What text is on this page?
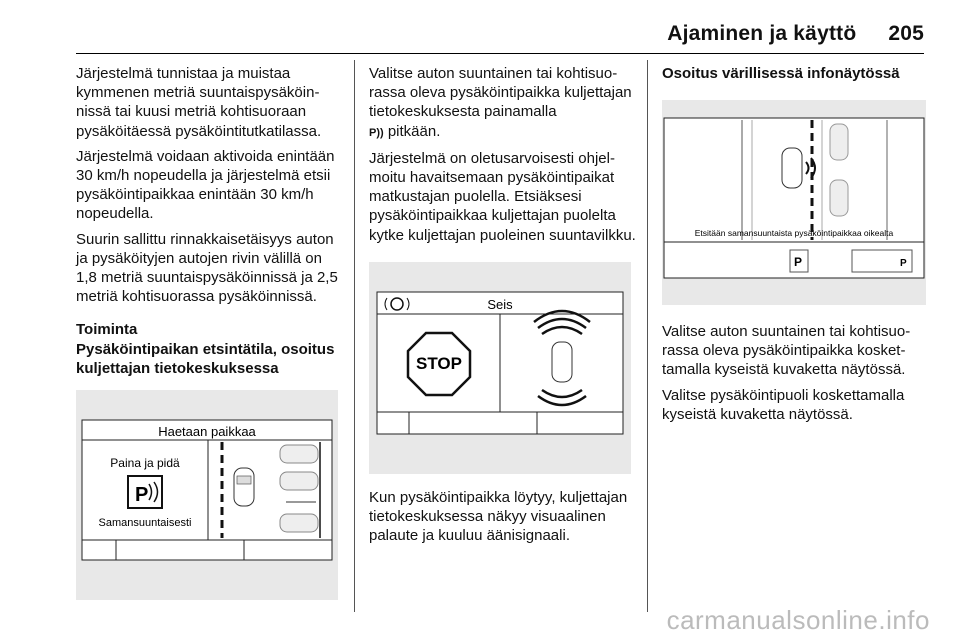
Ajaminen ja käyttö 205

Järjestelmä tunnistaa ja muistaa kymmenen metriä suuntaispysäköinnissä tai kuusi metriä kohtisuoraan pysäköitäessä pysäköintitutkatilassa.

Järjestelmä voidaan aktivoida enintään 30 km/h nopeudella ja järjestelmä etsii pysäköintipaikkaa enintään 30 km/h nopeudella.

Suurin sallittu rinnakkaisetäisyys auton ja pysäköityjen autojen rivin välillä on 1,8 metriä suuntaispysäköinnissä ja 2,5 metriä kohtisuorassa pysäköinnissä.

Toiminta
Pysäköintipaikan etsintätila, osoitus kuljettajan tietokeskuksessa
Haetaan paikkaa
Paina ja pidä
P
Samansuuntaisesti

Valitse auton suuntainen tai kohtisuorassa oleva pysäköintipaikka kuljettajan tietokeskuksesta painamalla
P)) pitkään.

Järjestelmä on oletusarvoisesti ohjelmoitu havaitsemaan pysäköintipaikat matkustajan puolella. Etsiäksesi pysäköintipaikkaa kuljettajan puolelta kytke kuljettajan puoleinen suuntavilkku.

Seis
STOP

Kun pysäköintipaikka löytyy, kuljettajan tietokeskuksessa näkyy visuaalinen palaute ja kuuluu äänisignaali.

Osoitus värillisessä infonäytössä
Etsitään samansuuntaista pysäköintipaikkaa oikealta
P	P

Valitse auton suuntainen tai kohtisuorassa oleva pysäköintipaikka koskettamalla kyseistä kuvaketta näytössä.

Valitse pysäköintipuoli koskettamalla kyseistä kuvaketta näytössä.

carmanualsonline.info
